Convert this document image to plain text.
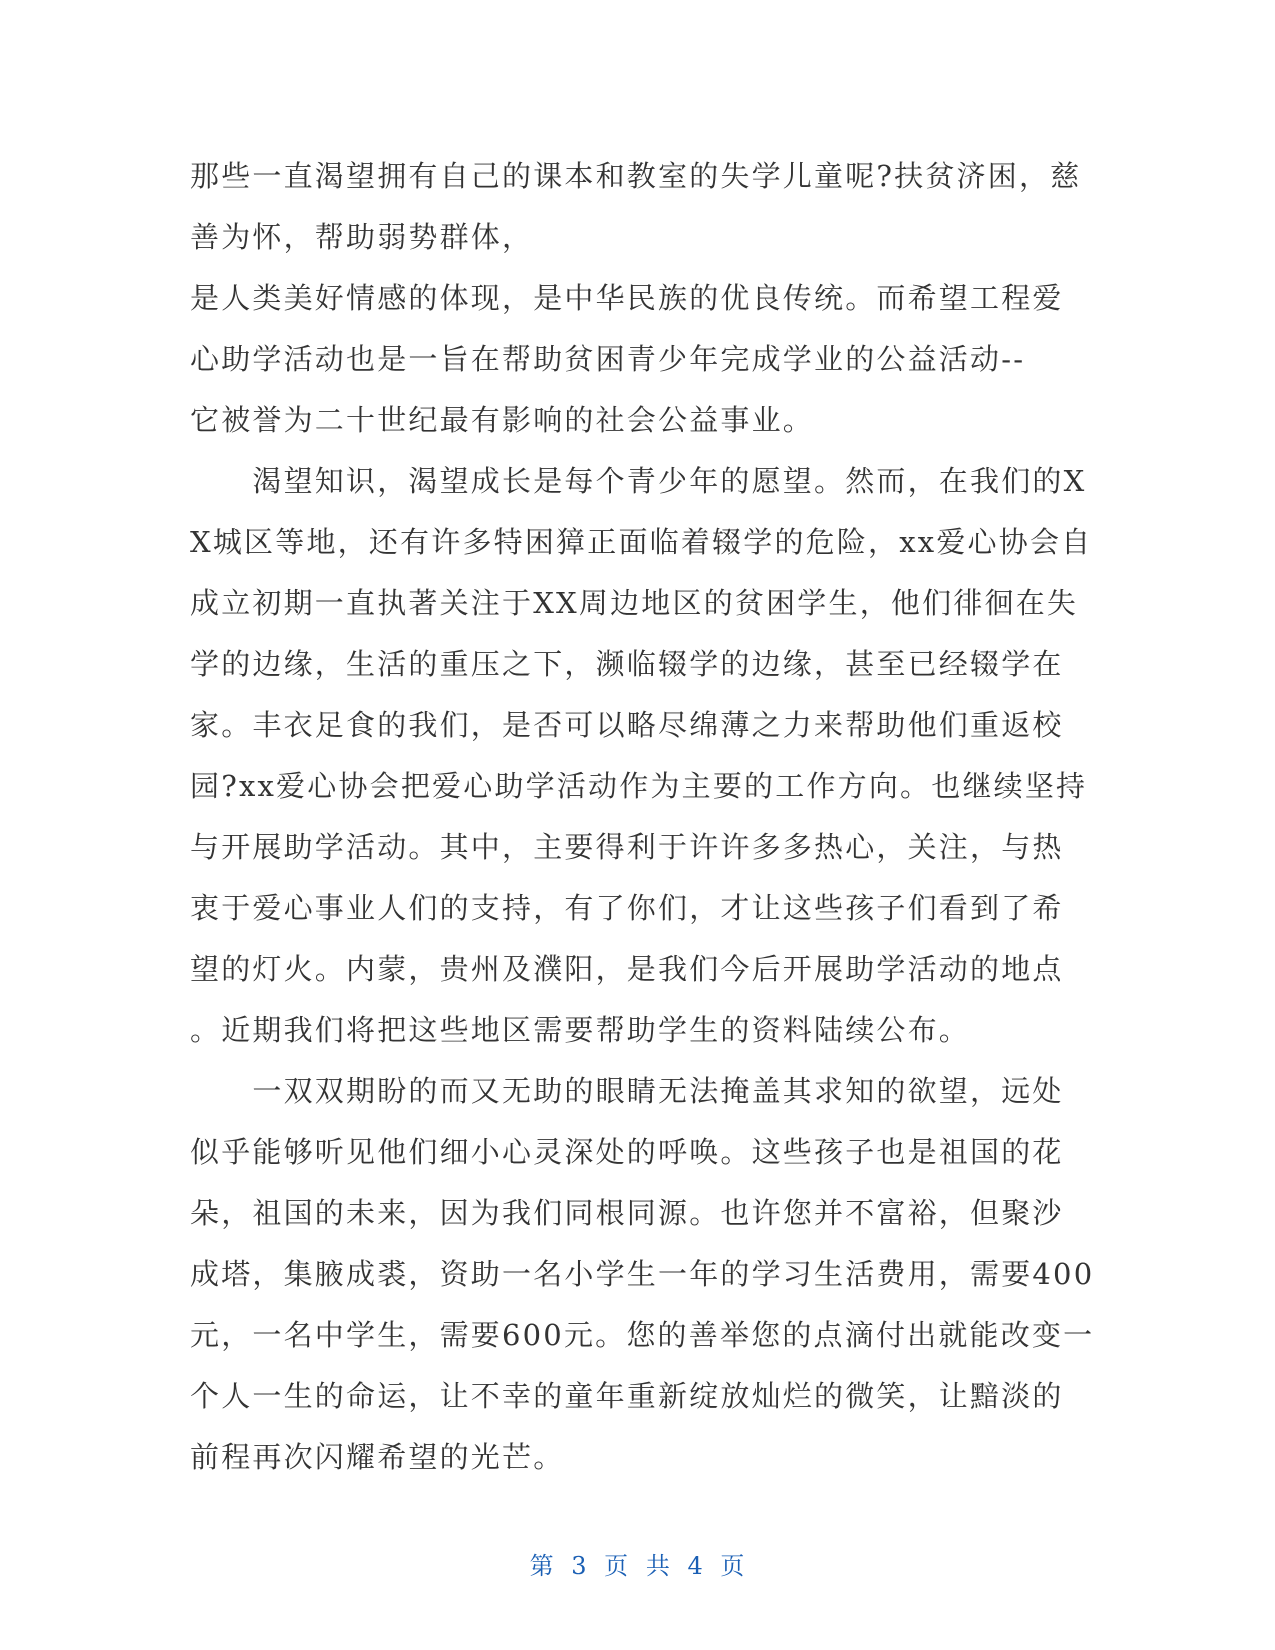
那些一直渴望拥有自己的课本和教室的失学儿童呢?扶贫济困，慈
善为怀，帮助弱势群体，
是人类美好情感的体现，是中华民族的优良传统。而希望工程爱
心助学活动也是一旨在帮助贫困青少年完成学业的公益活动--
它被誉为二十世纪最有影响的社会公益事业。
　　渴望知识，渴望成长是每个青少年的愿望。然而，在我们的X
X城区等地，还有许多特困獐正面临着辍学的危险，xx爱心协会自
成立初期一直执著关注于XX周边地区的贫困学生，他们徘徊在失
学的边缘，生活的重压之下，濒临辍学的边缘，甚至已经辍学在
家。丰衣足食的我们，是否可以略尽绵薄之力来帮助他们重返校
园?xx爱心协会把爱心助学活动作为主要的工作方向。也继续坚持
与开展助学活动。其中，主要得利于许许多多热心，关注，与热
衷于爱心事业人们的支持，有了你们，才让这些孩子们看到了希
望的灯火。内蒙，贵州及濮阳，是我们今后开展助学活动的地点
。近期我们将把这些地区需要帮助学生的资料陆续公布。
　　一双双期盼的而又无助的眼睛无法掩盖其求知的欲望，远处
似乎能够听见他们细小心灵深处的呼唤。这些孩子也是祖国的花
朵，祖国的未来，因为我们同根同源。也许您并不富裕，但聚沙
成塔，集腋成裘，资助一名小学生一年的学习生活费用，需要400
元，一名中学生，需要600元。您的善举您的点滴付出就能改变一
个人一生的命运，让不幸的童年重新绽放灿烂的微笑，让黯淡的
前程再次闪耀希望的光芒。
第 3 页 共 4 页
